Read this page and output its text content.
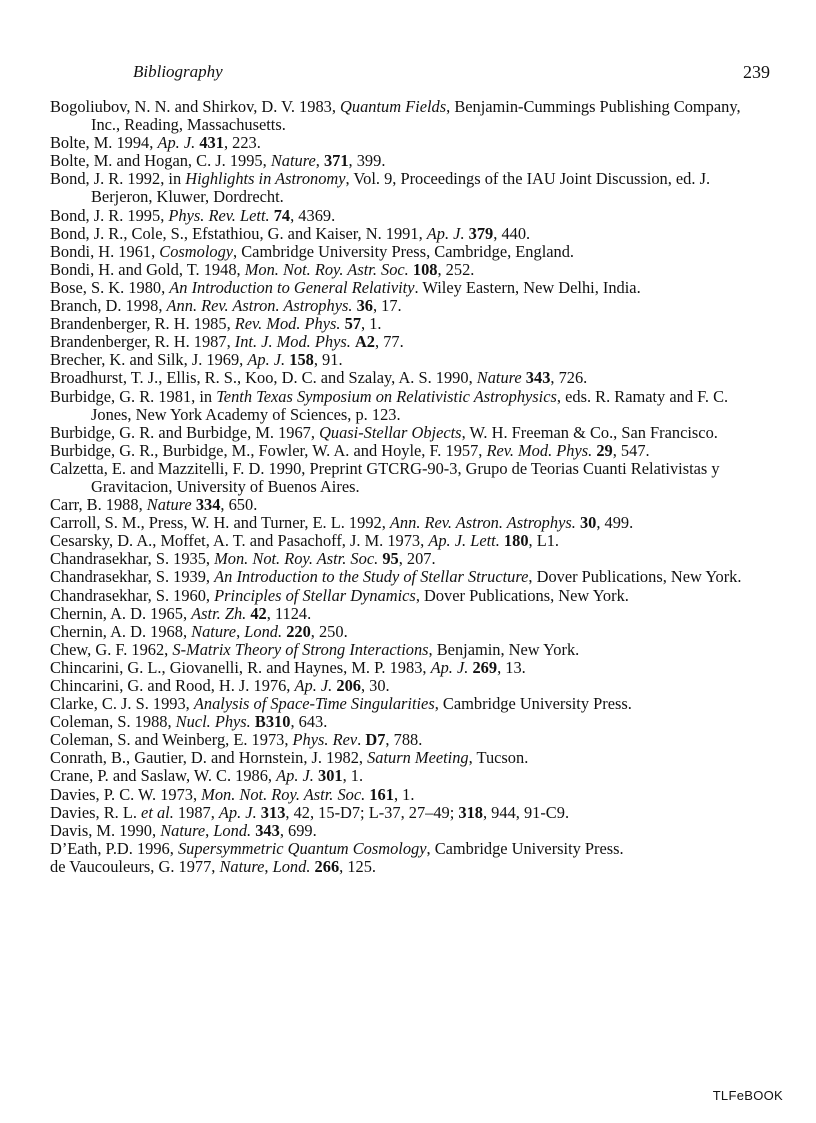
Bibliography	239
Bogoliubov, N. N. and Shirkov, D. V. 1983, Quantum Fields, Benjamin-Cummings Publishing Company, Inc., Reading, Massachusetts.
Bolte, M. 1994, Ap. J. 431, 223.
Bolte, M. and Hogan, C. J. 1995, Nature, 371, 399.
Bond, J. R. 1992, in Highlights in Astronomy, Vol. 9, Proceedings of the IAU Joint Discussion, ed. J. Berjeron, Kluwer, Dordrecht.
Bond, J. R. 1995, Phys. Rev. Lett. 74, 4369.
Bond, J. R., Cole, S., Efstathiou, G. and Kaiser, N. 1991, Ap. J. 379, 440.
Bondi, H. 1961, Cosmology, Cambridge University Press, Cambridge, England.
Bondi, H. and Gold, T. 1948, Mon. Not. Roy. Astr. Soc. 108, 252.
Bose, S. K. 1980, An Introduction to General Relativity. Wiley Eastern, New Delhi, India.
Branch, D. 1998, Ann. Rev. Astron. Astrophys. 36, 17.
Brandenberger, R. H. 1985, Rev. Mod. Phys. 57, 1.
Brandenberger, R. H. 1987, Int. J. Mod. Phys. A2, 77.
Brecher, K. and Silk, J. 1969, Ap. J. 158, 91.
Broadhurst, T. J., Ellis, R. S., Koo, D. C. and Szalay, A. S. 1990, Nature 343, 726.
Burbidge, G. R. 1981, in Tenth Texas Symposium on Relativistic Astrophysics, eds. R. Ramaty and F. C. Jones, New York Academy of Sciences, p. 123.
Burbidge, G. R. and Burbidge, M. 1967, Quasi-Stellar Objects, W. H. Freeman & Co., San Francisco.
Burbidge, G. R., Burbidge, M., Fowler, W. A. and Hoyle, F. 1957, Rev. Mod. Phys. 29, 547.
Calzetta, E. and Mazzitelli, F. D. 1990, Preprint GTCRG-90-3, Grupo de Teorias Cuanti Relativistas y Gravitacion, University of Buenos Aires.
Carr, B. 1988, Nature 334, 650.
Carroll, S. M., Press, W. H. and Turner, E. L. 1992, Ann. Rev. Astron. Astrophys. 30, 499.
Cesarsky, D. A., Moffet, A. T. and Pasachoff, J. M. 1973, Ap. J. Lett. 180, L1.
Chandrasekhar, S. 1935, Mon. Not. Roy. Astr. Soc. 95, 207.
Chandrasekhar, S. 1939, An Introduction to the Study of Stellar Structure, Dover Publications, New York.
Chandrasekhar, S. 1960, Principles of Stellar Dynamics, Dover Publications, New York.
Chernin, A. D. 1965, Astr. Zh. 42, 1124.
Chernin, A. D. 1968, Nature, Lond. 220, 250.
Chew, G. F. 1962, S-Matrix Theory of Strong Interactions, Benjamin, New York.
Chincarini, G. L., Giovanelli, R. and Haynes, M. P. 1983, Ap. J. 269, 13.
Chincarini, G. and Rood, H. J. 1976, Ap. J. 206, 30.
Clarke, C. J. S. 1993, Analysis of Space-Time Singularities, Cambridge University Press.
Coleman, S. 1988, Nucl. Phys. B310, 643.
Coleman, S. and Weinberg, E. 1973, Phys. Rev. D7, 788.
Conrath, B., Gautier, D. and Hornstein, J. 1982, Saturn Meeting, Tucson.
Crane, P. and Saslaw, W. C. 1986, Ap. J. 301, 1.
Davies, P. C. W. 1973, Mon. Not. Roy. Astr. Soc. 161, 1.
Davies, R. L. et al. 1987, Ap. J. 313, 42, 15-D7; L-37, 27–49; 318, 944, 91-C9.
Davis, M. 1990, Nature, Lond. 343, 699.
D’Eath, P.D. 1996, Supersymmetric Quantum Cosmology, Cambridge University Press.
de Vaucouleurs, G. 1977, Nature, Lond. 266, 125.
TLFeBOOK
